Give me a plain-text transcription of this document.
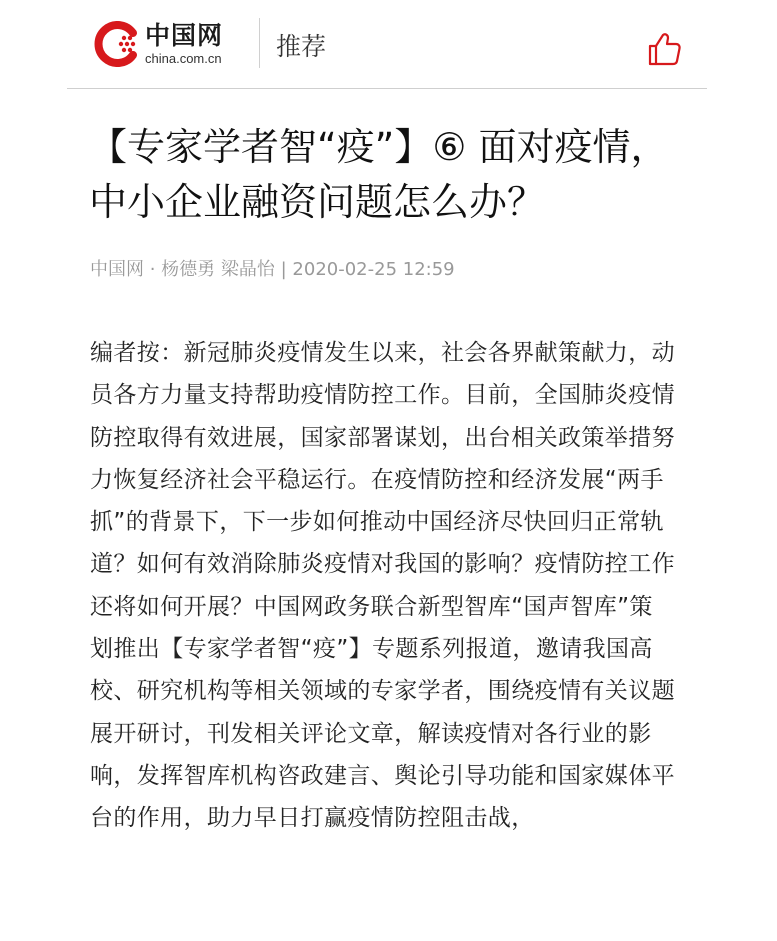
中国网
china.com.cn 推荐
【专家学者智“疫”】⑥ 面对疫情，中小企业融资问题怎么办？
中国网 · 杨德勇 梁晶怡 | 2020-02-25 12:59

编者按：新冠肺炎疫情发生以来，社会各界献策献力，动员各方力量支持帮助疫情防控工作。目前，全国肺炎疫情防控取得有效进展，国家部署谋划，出台相关政策举措努力恢复经济社会平稳运行。在疫情防控和经济发展“两手抓”的背景下，下一步如何推动中国经济尽快回归正常轨道？如何有效消除肺炎疫情对我国的影响？疫情防控工作还将如何开展？中国网政务联合新型智库“国声智库”策划推出【专家学者智“疫”】专题系列报道，邀请我国高校、研究机构等相关领域的专家学者，围绕疫情有关议题展开研讨，刊发相关评论文章，解读疫情对各行业的影响，发挥智库机构咨政建言、舆论引导功能和国家媒体平台的作用，助力早日打赢疫情防控阻击战，
